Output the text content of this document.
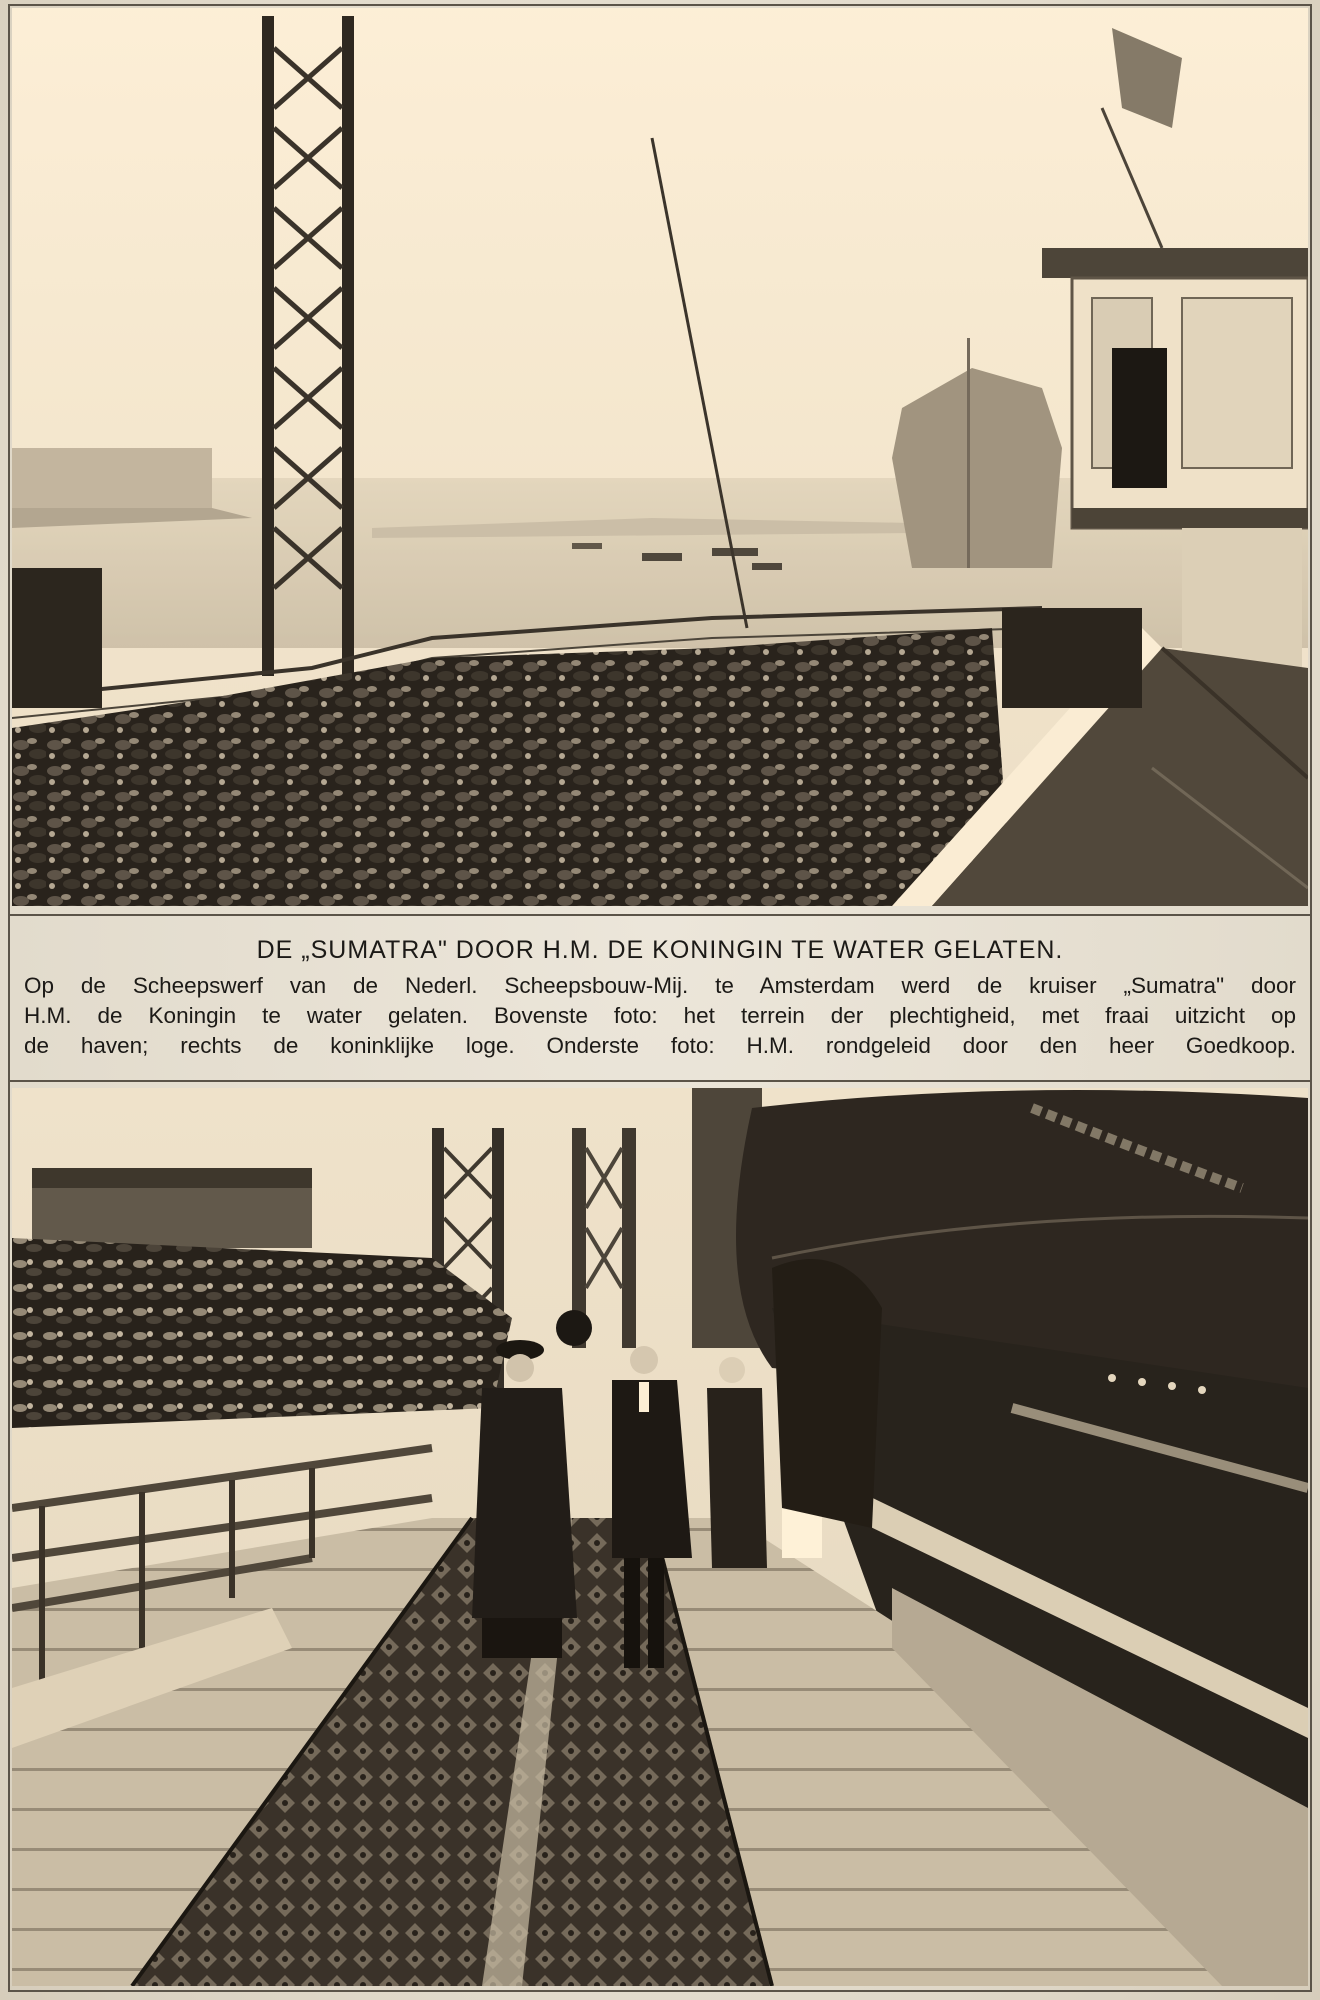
DE „SUMATRA" DOOR H.M. DE KONINGIN TE WATER GELATEN.
Op de Scheepswerf van de Nederl. Scheepsbouw-Mij. te Amsterdam werd de kruiser „Sumatra" door
H.M. de Koningin te water gelaten. Bovenste foto: het terrein der plechtigheid, met fraai uitzicht op
de haven; rechts de koninklijke loge. Onderste foto: H.M. rondgeleid door den heer Goedkoop.
